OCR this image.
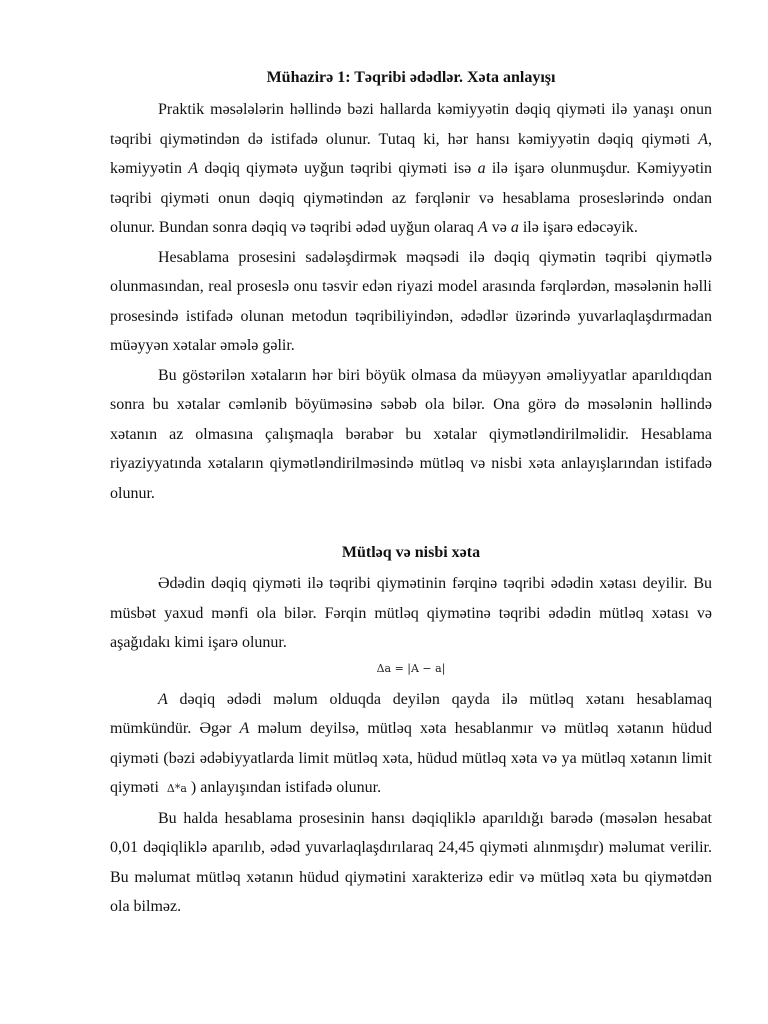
Mühazirə 1: Təqribi ədədlər. Xəta anlayışı

Praktik məsələlərin həllində bəzi hallarda kəmiyyətin dəqiq qiyməti ilə yanaşı onun təqribi qiymətindən də istifadə olunur. Tutaq ki, hər hansı kəmiyyətin dəqiq qiyməti A, kəmiyyətin A dəqiq qiymətə uyğun təqribi qiyməti isə a ilə işarə olunmuşdur. Kəmiyyətin təqribi qiyməti onun dəqiq qiymətindən az fərqlənir və hesablama proseslərində ondan olunur. Bundan sonra dəqiq və təqribi ədəd uyğun olaraq A və a ilə işarə edəcəyik.

Hesablama prosesini sadələşdirmək məqsədi ilə dəqiq qiymətin təqribi qiymətlə olunmasından, real proseslə onu təsvir edən riyazi model arasında fərqlərdən, məsələnin həlli prosesində istifadə olunan metodun təqribiliyindən, ədədlər üzərində yuvarlaqlaşdırmadan müəyyən xətalar əmələ gəlir.

Bu göstərilən xətaların hər biri böyük olmasa da müəyyən əməliyyatlar aparıldıqdan sonra bu xətalar cəmlənib böyüməsinə səbəb ola bilər. Ona görə də məsələnin həllində xətanın az olmasına çalışmaqla bərabər bu xətalar qiymətləndirilməlidir. Hesablama riyaziyyatında xətaların qiymətləndirilməsində mütləq və nisbi xəta anlayışlarından istifadə olunur.

Mütləq və nisbi xəta

Ədədin dəqiq qiyməti ilə təqribi qiymətinin fərqinə təqribi ədədin xətası deyilir. Bu müsbət yaxud mənfi ola bilər. Fərqin mütləq qiymətinə təqribi ədədin mütləq xətası və aşağıdakı kimi işarə olunur.

Δa = |A − a|

A dəqiq ədədi məlum olduqda deyilən qayda ilə mütləq xətanı hesablamaq mümkündür. Əgər A məlum deyilsə, mütləq xəta hesablanmır və mütləq xətanın hüdud qiyməti (bəzi ədəbiyyatlarda limit mütləq xəta, hüdud mütləq xəta və ya mütləq xətanın limit qiyməti Δ*a ) anlayışından istifadə olunur.

Bu halda hesablama prosesinin hansı dəqiqliklə aparıldığı barədə (məsələn hesabat 0,01 dəqiqliklə aparılıb, ədəd yuvarlaqlaşdırılaraq 24,45 qiyməti alınmışdır) məlumat verilir. Bu məlumat mütləq xətanın hüdud qiymətini xarakterizə edir və mütləq xəta bu qiymətdən ola bilməz.
